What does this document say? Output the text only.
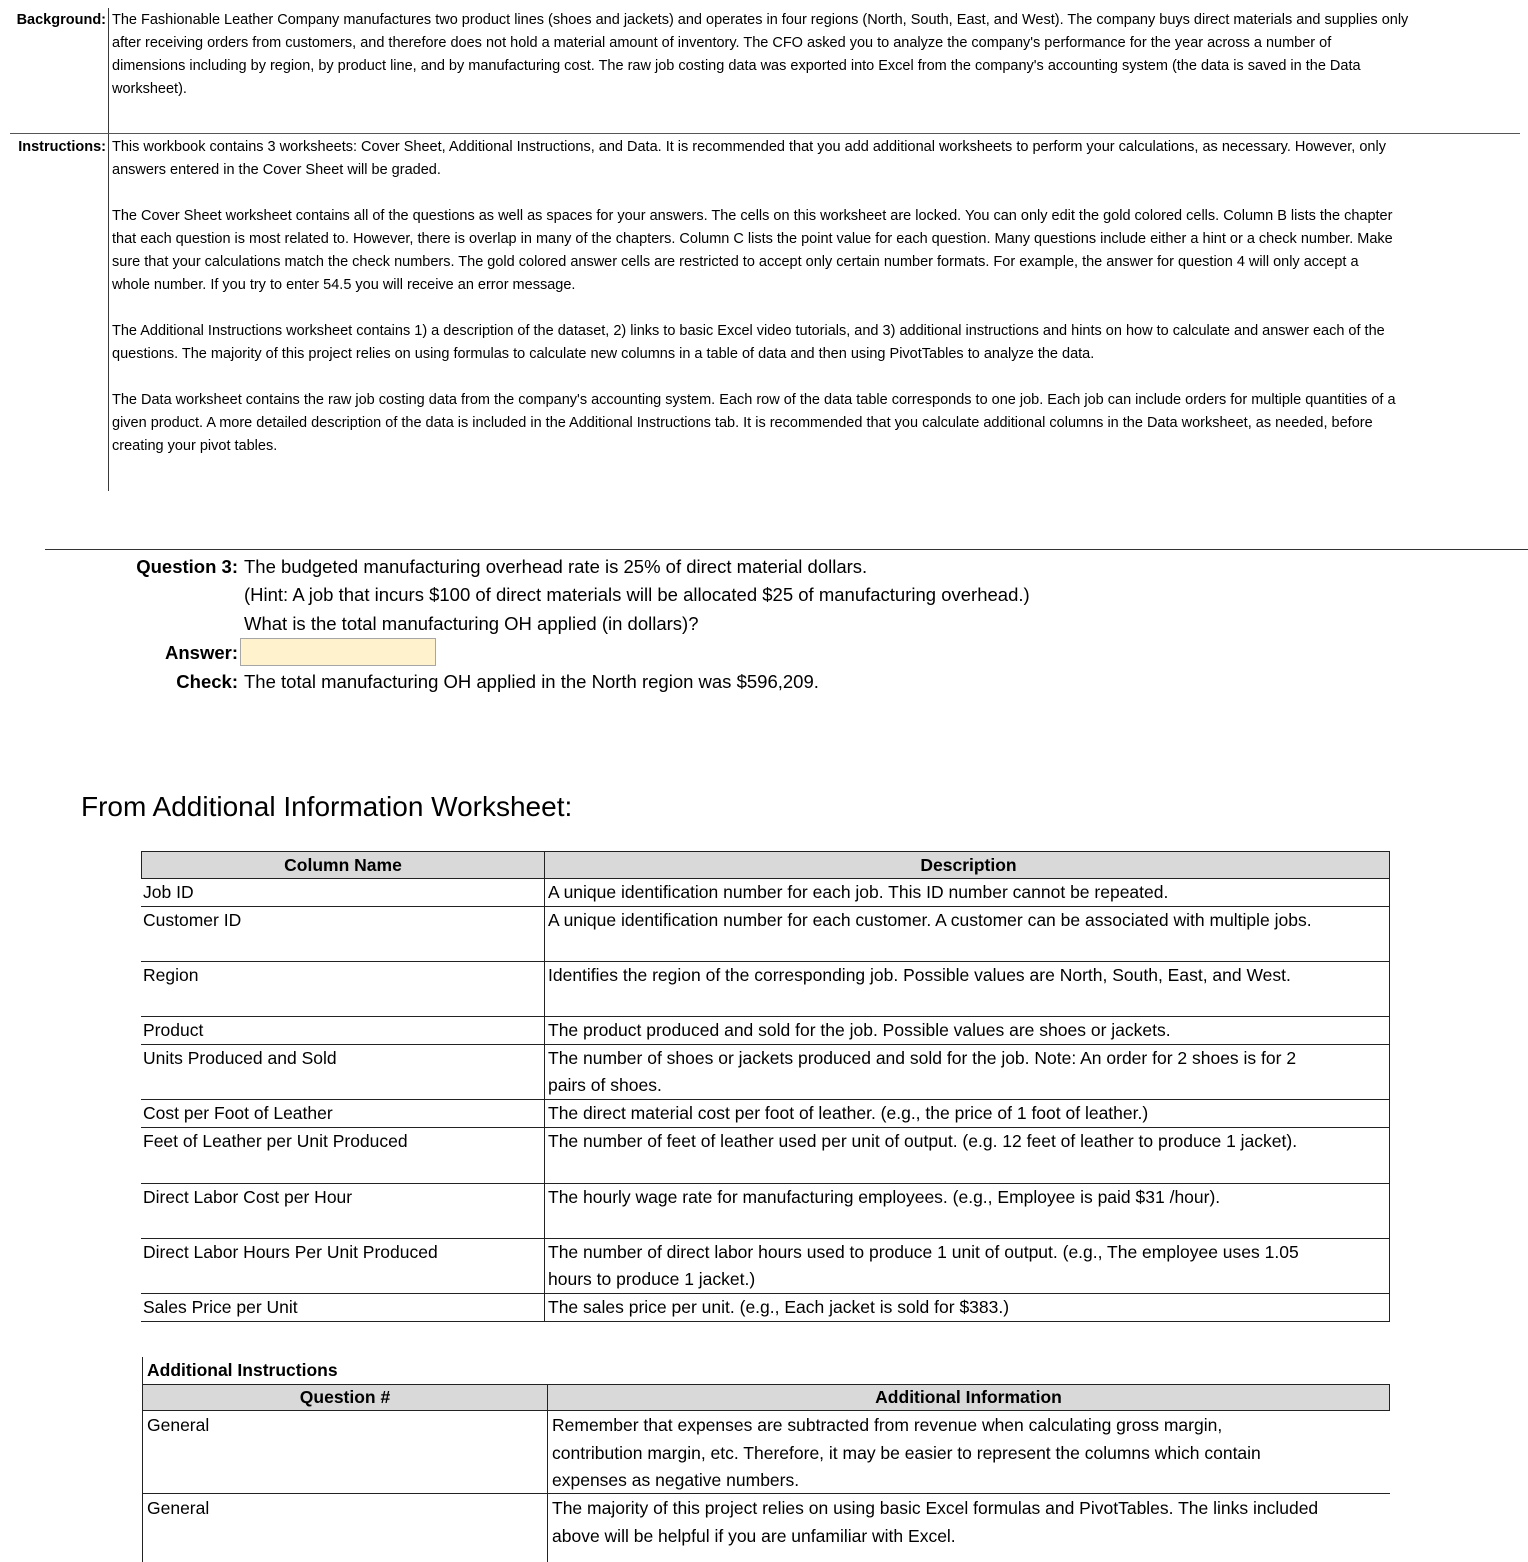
Background: The Fashionable Leather Company manufactures two product lines (shoes and jackets) and operates in four regions (North, South, East, and West). The company buys direct materials and supplies only
after receiving orders from customers, and therefore does not hold a material amount of inventory. The CFO asked you to analyze the company's performance for the year across a number of
dimensions including by region, by product line, and by manufacturing cost. The raw job costing data was exported into Excel from the company's accounting system (the data is saved in the Data
worksheet).
Instructions: This workbook contains 3 worksheets: Cover Sheet, Additional Instructions, and Data. It is recommended that you add additional worksheets to perform your calculations, as necessary. However, only
answers entered in the Cover Sheet will be graded.
The Cover Sheet worksheet contains all of the questions as well as spaces for your answers. The cells on this worksheet are locked. You can only edit the gold colored cells. Column B lists the chapter
that each question is most related to. However, there is overlap in many of the chapters. Column C lists the point value for each question. Many questions include either a hint or a check number. Make
sure that your calculations match the check numbers. The gold colored answer cells are restricted to accept only certain number formats. For example, the answer for question 4 will only accept a
whole number. If you try to enter 54.5 you will receive an error message.
The Additional Instructions worksheet contains 1) a description of the dataset, 2) links to basic Excel video tutorials, and 3) additional instructions and hints on how to calculate and answer each of the
questions. The majority of this project relies on using formulas to calculate new columns in a table of data and then using PivotTables to analyze the data.
The Data worksheet contains the raw job costing data from the company's accounting system. Each row of the data table corresponds to one job. Each job can include orders for multiple quantities of a
given product. A more detailed description of the data is included in the Additional Instructions tab. It is recommended that you calculate additional columns in the Data worksheet, as needed, before
creating your pivot tables.
Question 3: The budgeted manufacturing overhead rate is 25% of direct material dollars.
(Hint: A job that incurs $100 of direct materials will be allocated $25 of manufacturing overhead.)
What is the total manufacturing OH applied (in dollars)?
Answer:
Check: The total manufacturing OH applied in the North region was $596,209.
From Additional Information Worksheet:
Column Name	Description
Job ID	A unique identification number for each job. This ID number cannot be repeated.
Customer ID	A unique identification number for each customer. A customer can be associated with multiple jobs.
Region	Identifies the region of the corresponding job. Possible values are North, South, East, and West.
Product	The product produced and sold for the job. Possible values are shoes or jackets.
Units Produced and Sold	The number of shoes or jackets produced and sold for the job. Note: An order for 2 shoes is for 2
pairs of shoes.
Cost per Foot of Leather	The direct material cost per foot of leather. (e.g., the price of 1 foot of leather.)
Feet of Leather per Unit Produced	The number of feet of leather used per unit of output. (e.g. 12 feet of leather to produce 1 jacket).
Direct Labor Cost per Hour	The hourly wage rate for manufacturing employees. (e.g., Employee is paid $31 /hour).
Direct Labor Hours Per Unit Produced	The number of direct labor hours used to produce 1 unit of output. (e.g., The employee uses 1.05
hours to produce 1 jacket.)
Sales Price per Unit	The sales price per unit. (e.g., Each jacket is sold for $383.)
Additional Instructions
Question #	Additional Information
General	Remember that expenses are subtracted from revenue when calculating gross margin,
contribution margin, etc. Therefore, it may be easier to represent the columns which contain
expenses as negative numbers.
General	The majority of this project relies on using basic Excel formulas and PivotTables. The links included
above will be helpful if you are unfamiliar with Excel.
